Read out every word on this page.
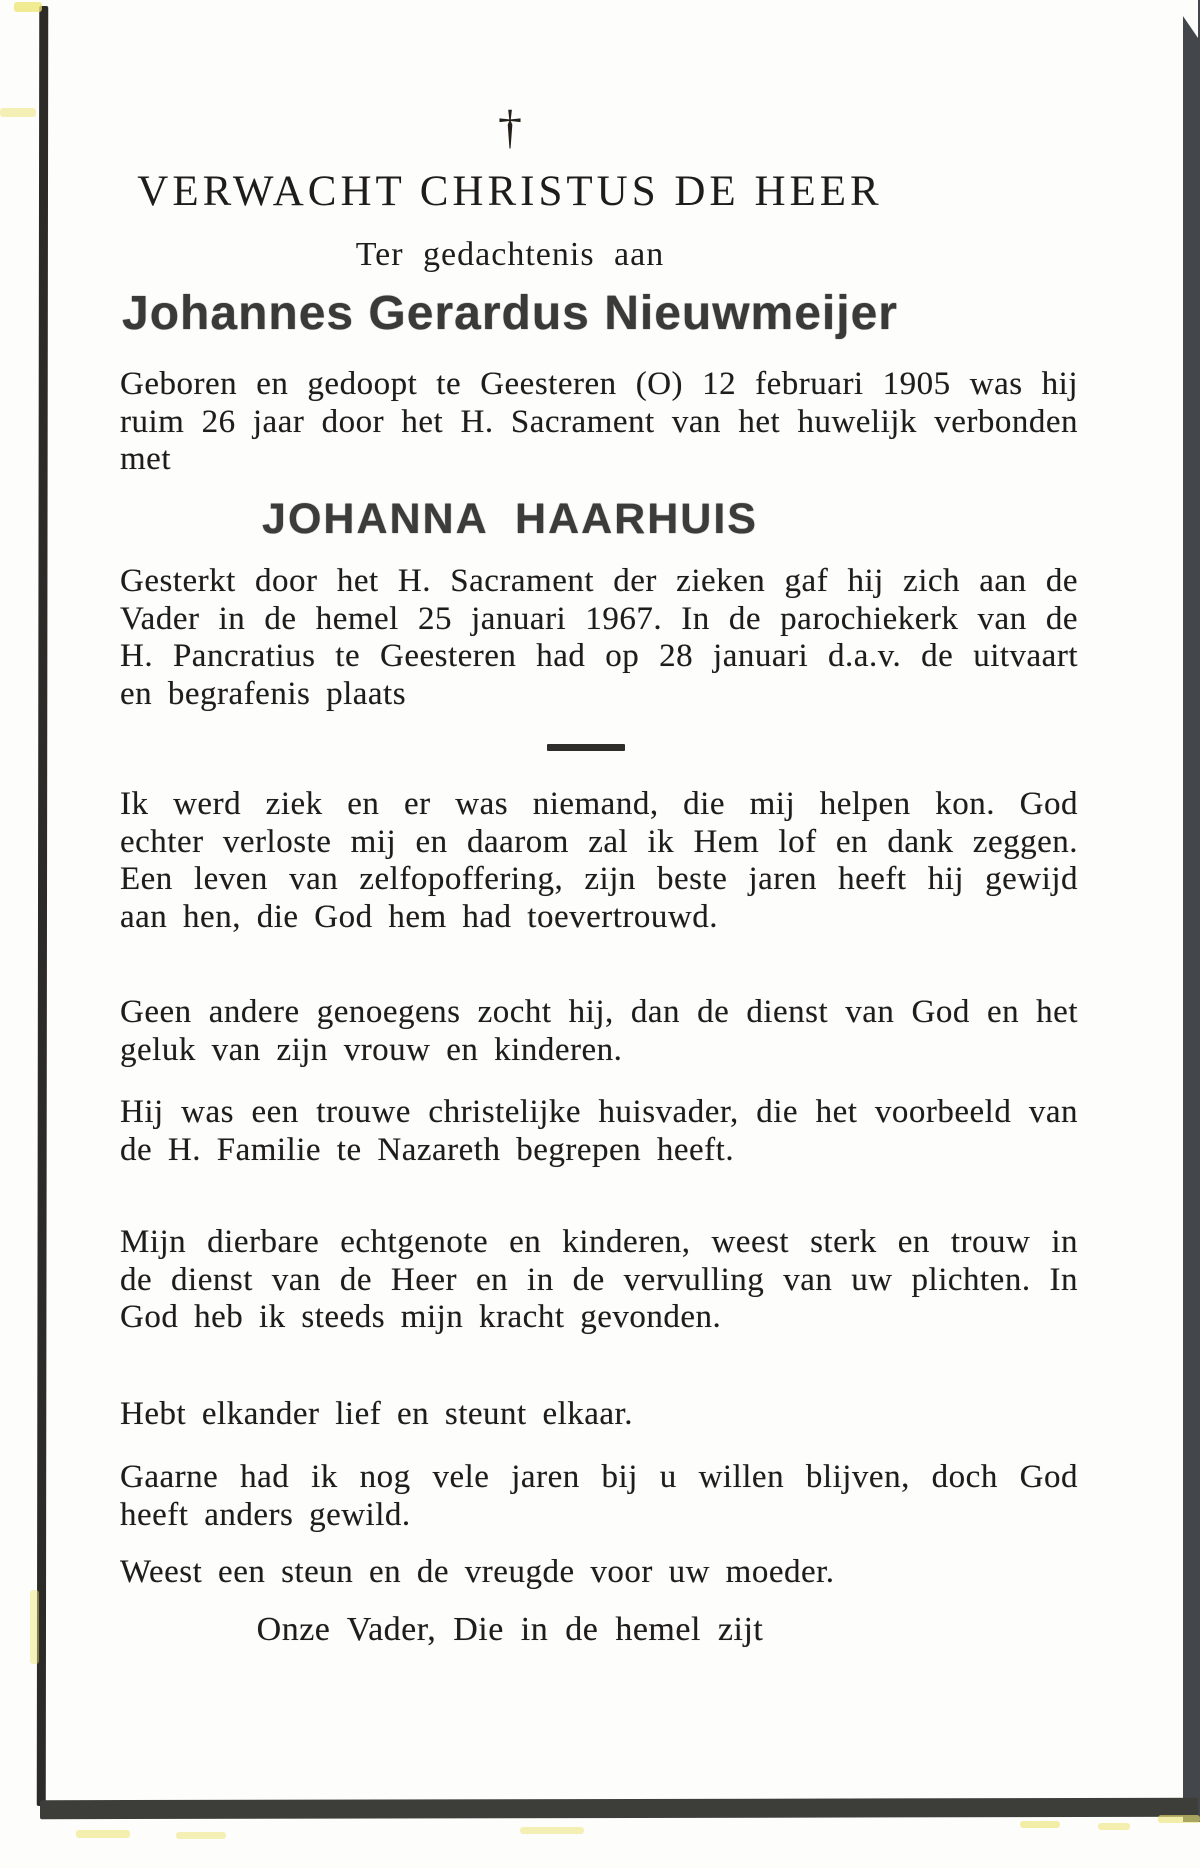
†
VERWACHT CHRISTUS DE HEER
Ter gedachtenis aan
Johannes Gerardus Nieuwmeijer
Geboren en gedoopt te Geesteren (O) 12 februari 1905 was hij ruim 26 jaar door het H. Sacrament van het huwelijk verbonden met
JOHANNA HAARHUIS
Gesterkt door het H. Sacrament der zieken gaf hij zich aan de Vader in de hemel 25 januari 1967. In de parochiekerk van de H. Pancratius te Geesteren had op 28 januari d.a.v. de uitvaart en begrafenis plaats
Ik werd ziek en er was niemand, die mij helpen kon. God echter verloste mij en daarom zal ik Hem lof en dank zeggen. Een leven van zelfopoffering, zijn beste jaren heeft hij gewijd aan hen, die God hem had toevertrouwd.
Geen andere genoegens zocht hij, dan de dienst van God en het geluk van zijn vrouw en kinderen.
Hij was een trouwe christelijke huisvader, die het voorbeeld van de H. Familie te Nazareth begrepen heeft.
Mijn dierbare echtgenote en kinderen, weest sterk en trouw in de dienst van de Heer en in de vervulling van uw plichten. In God heb ik steeds mijn kracht gevonden.
Hebt elkander lief en steunt elkaar.
Gaarne had ik nog vele jaren bij u willen blijven, doch God heeft anders gewild.
Weest een steun en de vreugde voor uw moeder.
Onze Vader, Die in de hemel zijt
